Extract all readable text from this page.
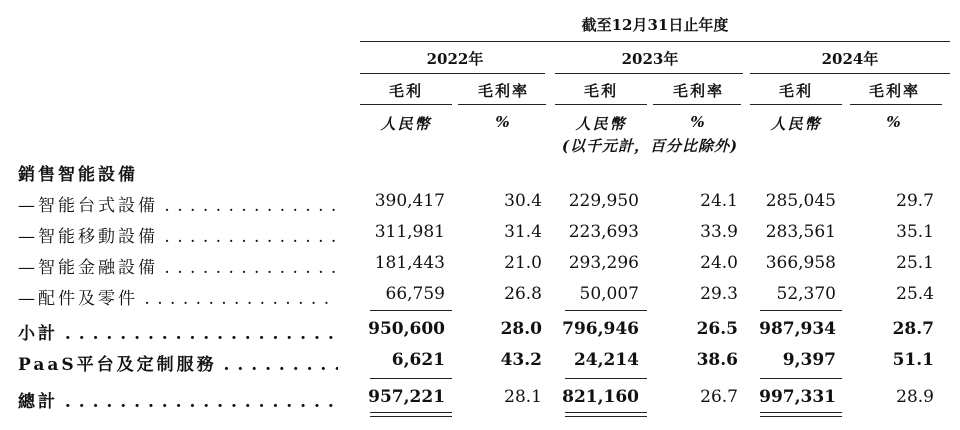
截至12月31日止年度
2022年	2023年	2024年
毛利	毛利率	毛利	毛利率	毛利	毛利率
人民幣	%	人民幣	%	人民幣	%
(以千元計，百分比除外)
銷售智能設備
—智能台式設備 . . .	390,417	30.4	229,950	24.1	285,045	29.7
—智能移動設備 . . .	311,981	31.4	223,693	33.9	283,561	35.1
—智能金融設備 . . .	181,443	21.0	293,296	24.0	366,958	25.1
—配件及零件 . . .	66,759	26.8	50,007	29.3	52,370	25.4
小計 . . .	950,600	28.0	796,946	26.5	987,934	28.7
PaaS平台及定制服務 . . .	6,621	43.2	24,214	38.6	9,397	51.1
總計 . . .	957,221	28.1	821,160	26.7	997,331	28.9
